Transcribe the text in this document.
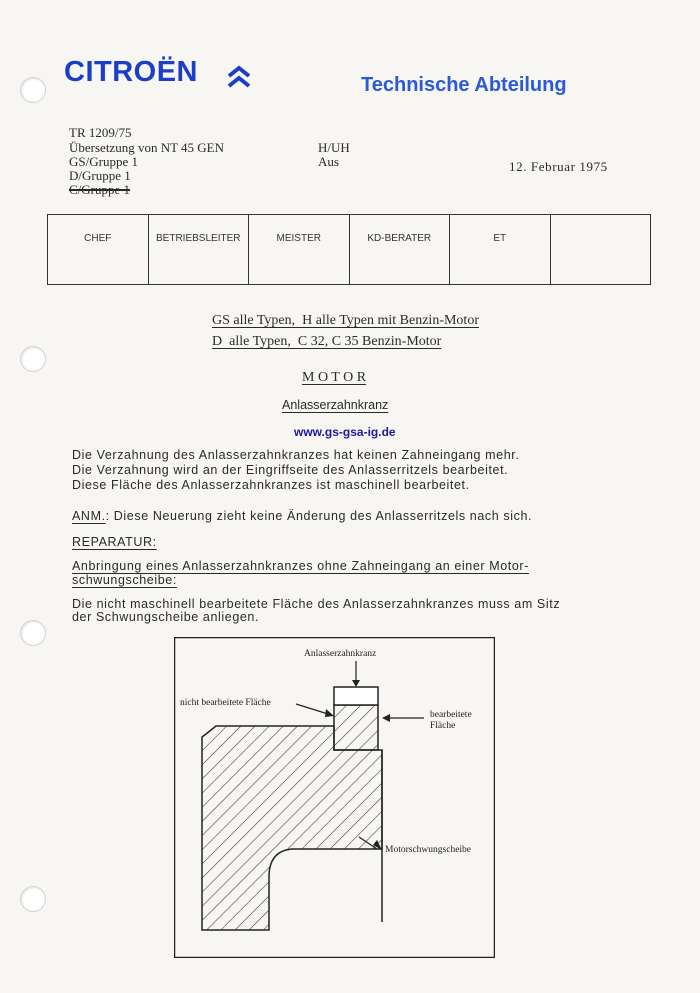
CITROËN	Technische Abteilung
TR 1209/75
Übersetzung von NT 45 GEN
GS/Gruppe 1
D/Gruppe 1
C/Gruppe 1
H/UH
Aus	12. Februar 1975
CHEF	BETRIEBSLEITER	MEISTER	KD-BERATER	ET	
GS alle Typen,  H alle Typen mit Benzin-Motor
D  alle Typen,  C 32, C 35 Benzin-Motor
M O T O R
Anlasserzahnkranz
www.gs-gsa-ig.de
Die Verzahnung des Anlasserzahnkranzes hat keinen Zahneingang mehr.
Die Verzahnung wird an der Eingriffseite des Anlasserritzels bearbeitet.
Diese Fläche des Anlasserzahnkranzes ist maschinell bearbeitet.
ANM.: Diese Neuerung zieht keine Änderung des Anlasserritzels nach sich.
REPARATUR:
Anbringung eines Anlasserzahnkranzes ohne Zahneingang an einer Motor-
schwungscheibe:
Die nicht maschinell bearbeitete Fläche des Anlasserzahnkranzes muss am Sitz
der Schwungscheibe anliegen.
Anlasserzahnkranz
nicht bearbeitete Fläche
bearbeitete
Fläche
Motorschwungscheibe
